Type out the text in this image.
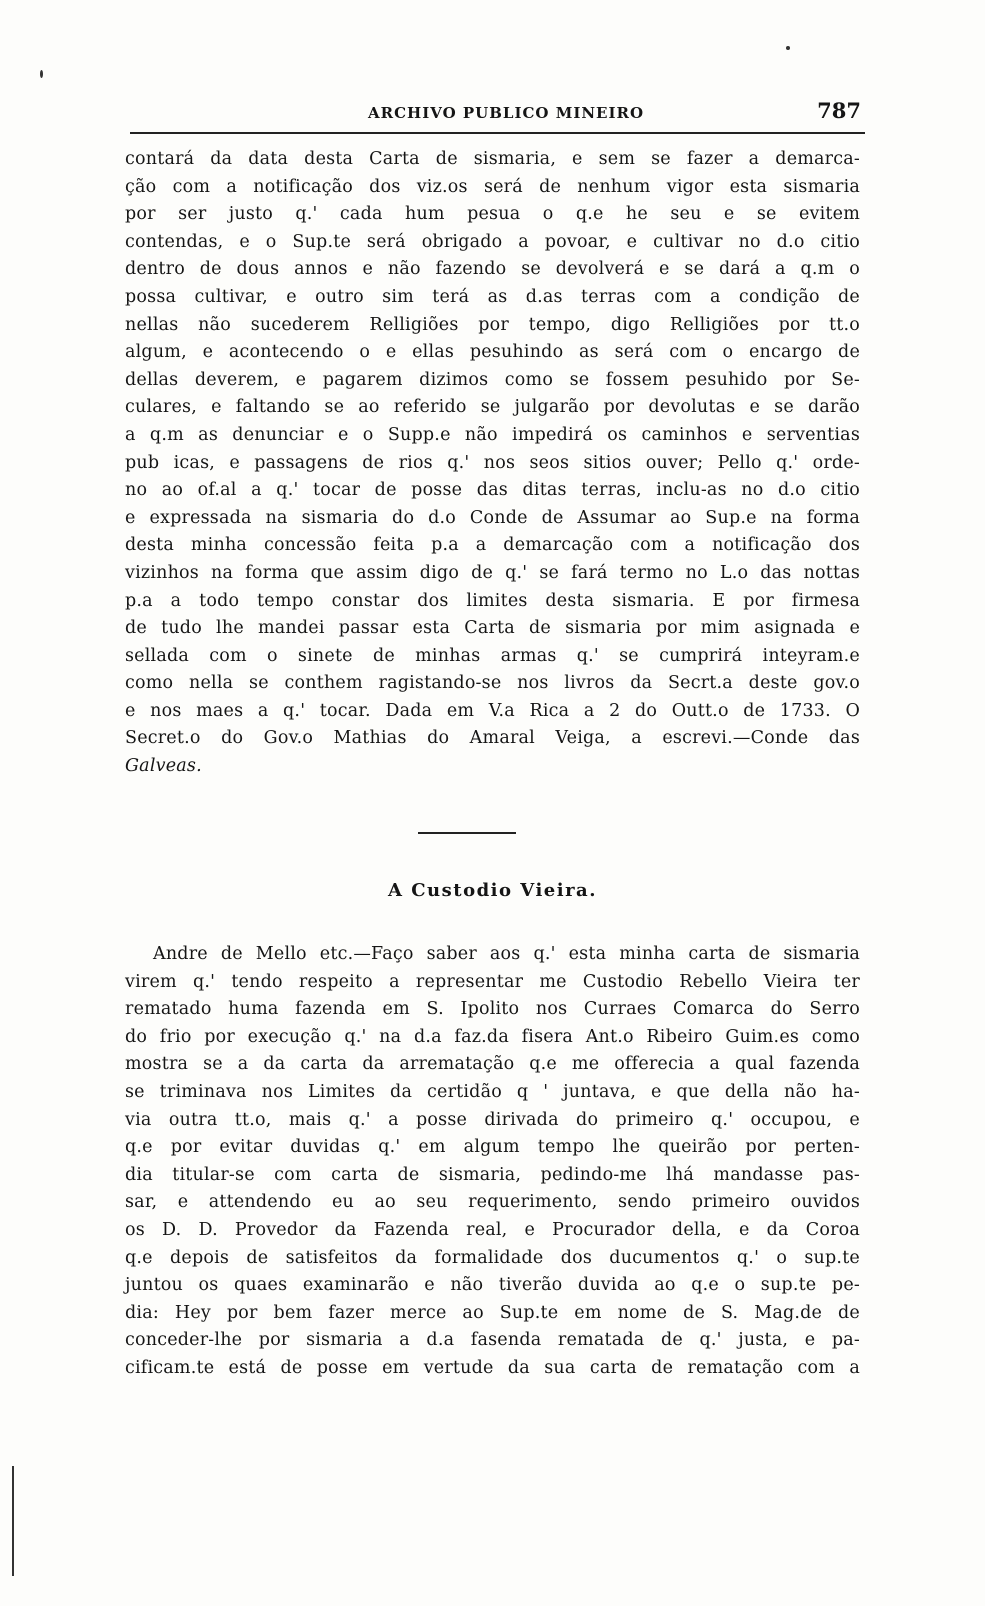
ARCHIVO PUBLICO MINEIRO	787
contará da data desta Carta de sismaria, e sem se fazer a demarca-
ção com a notificação dos viz.os será de nenhum vigor esta sismaria
por ser justo q.' cada hum pesua o q.e he seu e se evitem
contendas, e o Sup.te será obrigado a povoar, e cultivar no d.o citio
dentro de dous annos e não fazendo se devolverá e se dará a q.m o
possa cultivar, e outro sim terá as d.as terras com a condição de
nellas não sucederem Relligiões por tempo, digo Relligiões por tt.o
algum, e acontecendo o e ellas pesuhindo as será com o encargo de
dellas deverem, e pagarem dizimos como se fossem pesuhido por Se-
culares, e faltando se ao referido se julgarão por devolutas e se darão
a q.m as denunciar e o Supp.e não impedirá os caminhos e serventias
pub icas, e passagens de rios q.' nos seos sitios ouver; Pello q.' orde-
no ao of.al a q.' tocar de posse das ditas terras, inclu-as no d.o citio
e expressada na sismaria do d.o Conde de Assumar ao Sup.e na forma
desta minha concessão feita p.a a demarcação com a notificação dos
vizinhos na forma que assim digo de q.' se fará termo no L.o das nottas
p.a a todo tempo constar dos limites desta sismaria. E por firmesa
de tudo lhe mandei passar esta Carta de sismaria por mim asignada e
sellada com o sinete de minhas armas q.' se cumprirá inteyram.e
como nella se conthem ragistando-se nos livros da Secrt.a deste gov.o
e nos maes a q.' tocar. Dada em V.a Rica a 2 do Outt.o de 1733. O
Secret.o do Gov.o Mathias do Amaral Veiga, a escrevi.—Conde das
Galveas.
A Custodio Vieira.
Andre de Mello etc.—Faço saber aos q.' esta minha carta de sismaria
virem q.' tendo respeito a representar me Custodio Rebello Vieira ter
rematado huma fazenda em S. Ipolito nos Curraes Comarca do Serro
do frio por execução q.' na d.a faz.da fisera Ant.o Ribeiro Guim.es como
mostra se a da carta da arrematação q.e me offerecia a qual fazenda
se triminava nos Limites da certidão q ' juntava, e que della não ha-
via outra tt.o, mais q.' a posse dirivada do primeiro q.' occupou, e
q.e por evitar duvidas q.' em algum tempo lhe queirão por perten-
dia titular-se com carta de sismaria, pedindo-me lhá mandasse pas-
sar, e attendendo eu ao seu requerimento, sendo primeiro ouvidos
os D. D. Provedor da Fazenda real, e Procurador della, e da Coroa
q.e depois de satisfeitos da formalidade dos ducumentos q.' o sup.te
juntou os quaes examinarão e não tiverão duvida ao q.e o sup.te pe-
dia: Hey por bem fazer merce ao Sup.te em nome de S. Mag.de de
conceder-lhe por sismaria a d.a fasenda rematada de q.' justa, e pa-
cificam.te está de posse em vertude da sua carta de rematação com a
